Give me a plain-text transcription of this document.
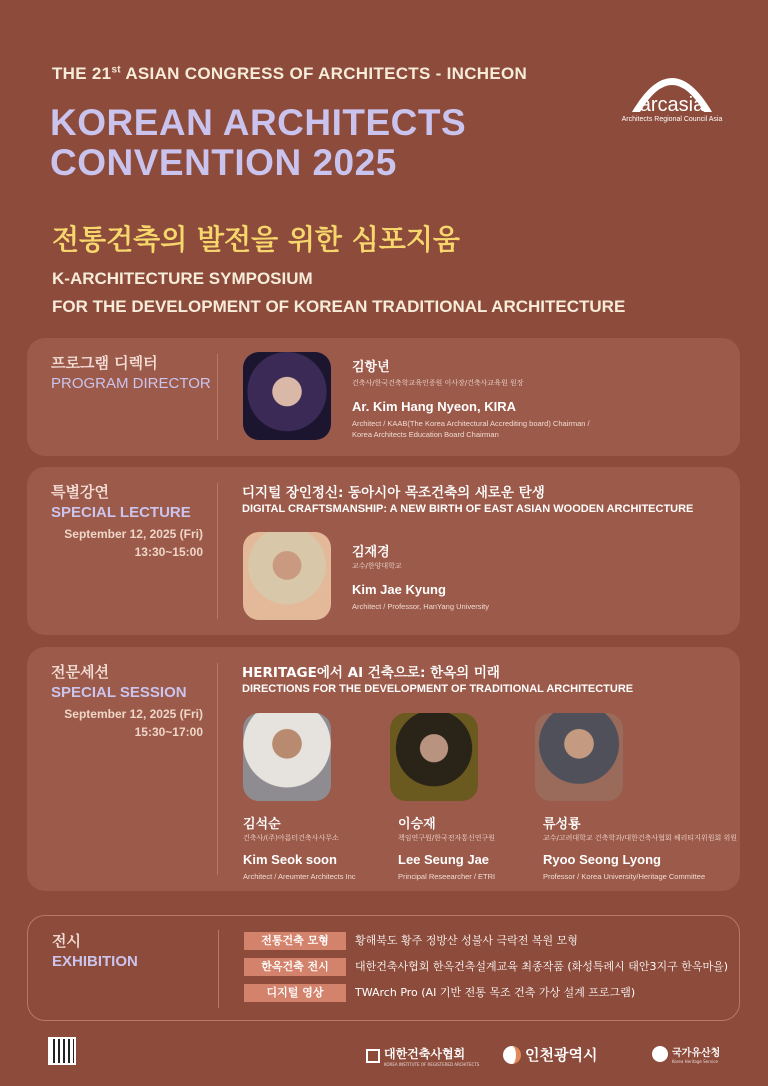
THE 21st ASIAN CONGRESS OF ARCHITECTS - INCHEON
KOREAN ARCHITECTS
CONVENTION 2025
전통건축의 발전을 위한 심포지움
K-ARCHITECTURE SYMPOSIUM
FOR THE DEVELOPMENT OF KOREAN TRADITIONAL ARCHITECTURE
arcasia
Architects Regional Council Asia
프로그램 디렉터
PROGRAM DIRECTOR
김항년
건축사/한국건축학교육인증원 이사장/건축사교육원 원장
Ar. Kim Hang Nyeon, KIRA
Architect / KAAB(The Korea Architectural Accrediting board) Chairman /
Korea Architects Education Board Chairman
특별강연
SPECIAL LECTURE
September 12, 2025 (Fri)
13:30~15:00
디지털 장인정신: 동아시아 목조건축의 새로운 탄생
DIGITAL CRAFTSMANSHIP: A NEW BIRTH OF EAST ASIAN WOODEN ARCHITECTURE
김재경
교수/한양대학교
Kim Jae Kyung
Architect / Professor, HanYang University
전문세션
SPECIAL SESSION
September 12, 2025 (Fri)
15:30~17:00
HERITAGE에서 AI 건축으로: 한옥의 미래
DIRECTIONS FOR THE DEVELOPMENT OF TRADITIONAL ARCHITECTURE
김석순
건축사/(주)아름터건축사사무소
Kim Seok soon
Architect / Areumter Architects Inc
이승재
책임연구원/한국전자통신연구원
Lee Seung Jae
Principal Reseearcher / ETRI
류성룡
교수/고려대학교 건축학과/대한건축사협회 헤리티지위원회 위원
Ryoo Seong Lyong
Professor / Korea University/Heritage Committee
전시
EXHIBITION
전통건축 모형	황해북도 황주 정방산 성불사 극락전 복원 모형
한옥건축 전시	대한건축사협회 한옥건축설계교육 최종작품 (화성특례시 태안3지구 한옥마을)
디지털 영상	TWArch Pro (AI 기반 전통 목조 건축 가상 설계 프로그램)
대한건축사협회
KOREA INSTITUTE OF REGISTERED ARCHITECTS
인천광역시	국가유산청
Korea Heritage Service
